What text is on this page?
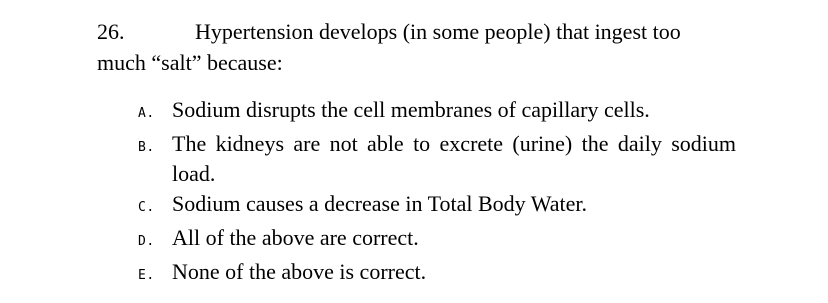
26.	Hypertension develops (in some people) that ingest too
much “salt” because:
A. Sodium disrupts the cell membranes of capillary cells.
B. The kidneys are not able to excrete (urine) the daily sodium load.
C. Sodium causes a decrease in Total Body Water.
D. All of the above are correct.
E. None of the above is correct.
